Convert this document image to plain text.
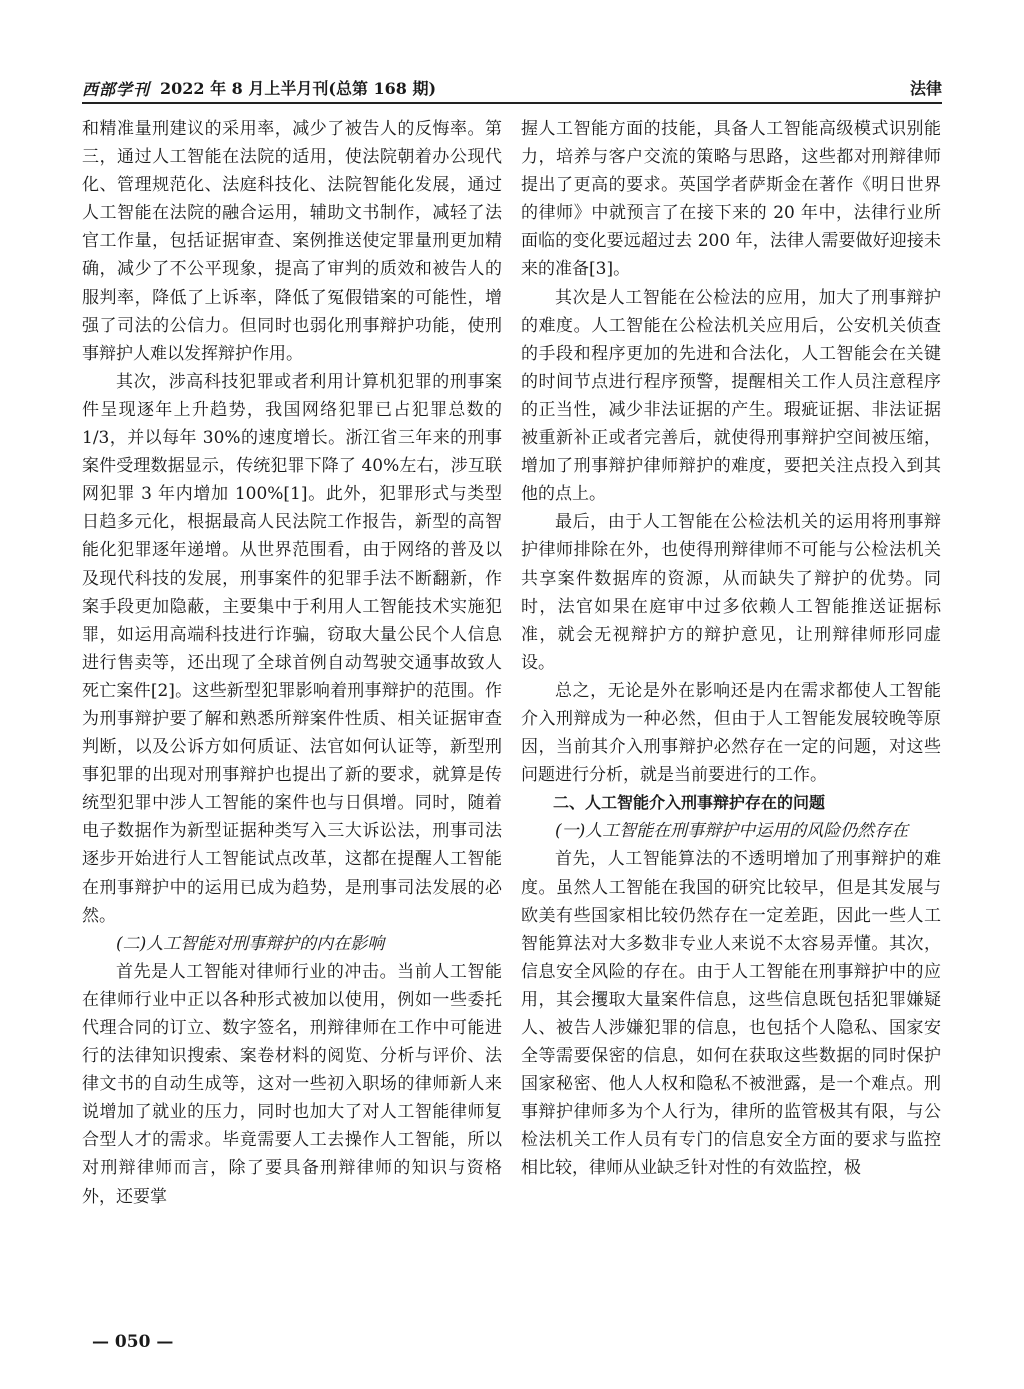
西部学刊 2022 年 8 月上半月刊(总第 168 期)	法律

和精准量刑建议的采用率，减少了被告人的反悔率。第三，通过人工智能在法院的适用，使法院朝着办公现代化、管理规范化、法庭科技化、法院智能化发展，通过人工智能在法院的融合运用，辅助文书制作，减轻了法官工作量，包括证据审查、案例推送使定罪量刑更加精确，减少了不公平现象，提高了审判的质效和被告人的服判率，降低了上诉率，降低了冤假错案的可能性，增强了司法的公信力。但同时也弱化刑事辩护功能，使刑事辩护人难以发挥辩护作用。

其次，涉高科技犯罪或者利用计算机犯罪的刑事案件呈现逐年上升趋势，我国网络犯罪已占犯罪总数的 1/3，并以每年 30%的速度增长。浙江省三年来的刑事案件受理数据显示，传统犯罪下降了 40%左右，涉互联网犯罪 3 年内增加 100%[1]。此外，犯罪形式与类型日趋多元化，根据最高人民法院工作报告，新型的高智能化犯罪逐年递增。从世界范围看，由于网络的普及以及现代科技的发展，刑事案件的犯罪手法不断翻新，作案手段更加隐蔽，主要集中于利用人工智能技术实施犯罪，如运用高端科技进行诈骗，窃取大量公民个人信息进行售卖等，还出现了全球首例自动驾驶交通事故致人死亡案件[2]。这些新型犯罪影响着刑事辩护的范围。作为刑事辩护要了解和熟悉所辩案件性质、相关证据审查判断，以及公诉方如何质证、法官如何认证等，新型刑事犯罪的出现对刑事辩护也提出了新的要求，就算是传统型犯罪中涉人工智能的案件也与日俱增。同时，随着电子数据作为新型证据种类写入三大诉讼法，刑事司法逐步开始进行人工智能试点改革，这都在提醒人工智能在刑事辩护中的运用已成为趋势，是刑事司法发展的必然。

(二)人工智能对刑事辩护的内在影响

首先是人工智能对律师行业的冲击。当前人工智能在律师行业中正以各种形式被加以使用，例如一些委托代理合同的订立、数字签名，刑辩律师在工作中可能进行的法律知识搜索、案卷材料的阅览、分析与评价、法律文书的自动生成等，这对一些初入职场的律师新人来说增加了就业的压力，同时也加大了对人工智能律师复合型人才的需求。毕竟需要人工去操作人工智能，所以对刑辩律师而言，除了要具备刑辩律师的知识与资格外，还要掌

握人工智能方面的技能，具备人工智能高级模式识别能力，培养与客户交流的策略与思路，这些都对刑辩律师提出了更高的要求。英国学者萨斯金在著作《明日世界的律师》中就预言了在接下来的 20 年中，法律行业所面临的变化要远超过去 200 年，法律人需要做好迎接未来的准备[3]。

其次是人工智能在公检法的应用，加大了刑事辩护的难度。人工智能在公检法机关应用后，公安机关侦查的手段和程序更加的先进和合法化，人工智能会在关键的时间节点进行程序预警，提醒相关工作人员注意程序的正当性，减少非法证据的产生。瑕疵证据、非法证据被重新补正或者完善后，就使得刑事辩护空间被压缩，增加了刑事辩护律师辩护的难度，要把关注点投入到其他的点上。

最后，由于人工智能在公检法机关的运用将刑事辩护律师排除在外，也使得刑辩律师不可能与公检法机关共享案件数据库的资源，从而缺失了辩护的优势。同时，法官如果在庭审中过多依赖人工智能推送证据标准，就会无视辩护方的辩护意见，让刑辩律师形同虚设。

总之，无论是外在影响还是内在需求都使人工智能介入刑辩成为一种必然，但由于人工智能发展较晚等原因，当前其介入刑事辩护必然存在一定的问题，对这些问题进行分析，就是当前要进行的工作。

二、人工智能介入刑事辩护存在的问题

(一)人工智能在刑事辩护中运用的风险仍然存在

首先，人工智能算法的不透明增加了刑事辩护的难度。虽然人工智能在我国的研究比较早，但是其发展与欧美有些国家相比较仍然存在一定差距，因此一些人工智能算法对大多数非专业人来说不太容易弄懂。其次，信息安全风险的存在。由于人工智能在刑事辩护中的应用，其会攫取大量案件信息，这些信息既包括犯罪嫌疑人、被告人涉嫌犯罪的信息，也包括个人隐私、国家安全等需要保密的信息，如何在获取这些数据的同时保护国家秘密、他人人权和隐私不被泄露，是一个难点。刑事辩护律师多为个人行为，律所的监管极其有限，与公检法机关工作人员有专门的信息安全方面的要求与监控相比较，律师从业缺乏针对性的有效监控，极

— 050 —
